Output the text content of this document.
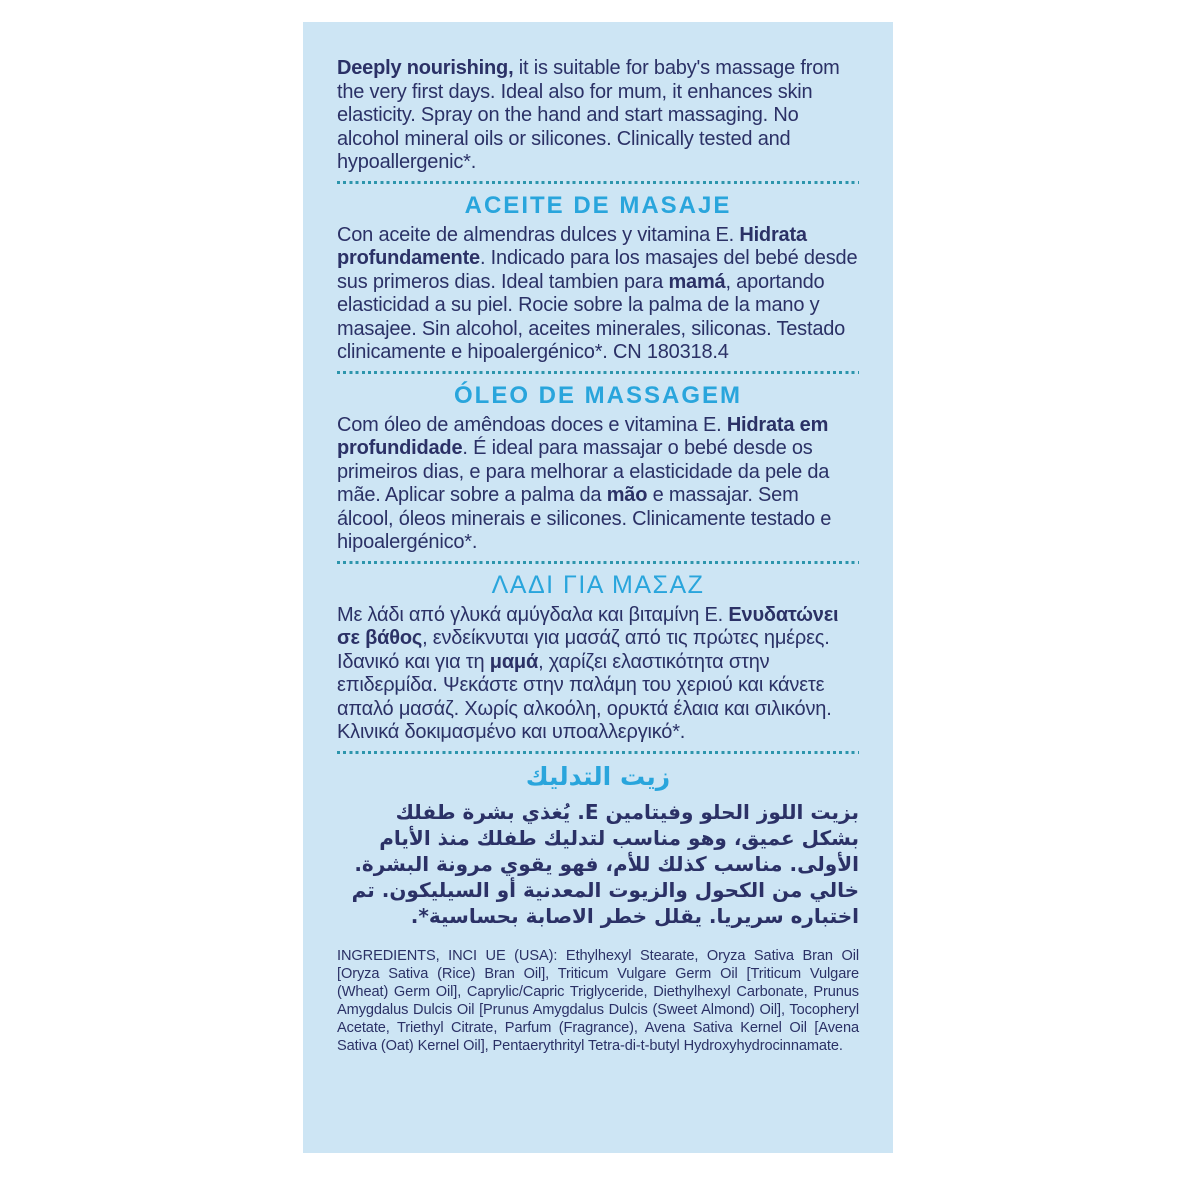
Deeply nourishing, it is suitable for baby's massage from the very first days. Ideal also for mum, it enhances skin elasticity. Spray on the hand and start massaging. No alcohol mineral oils or silicones. Clinically tested and hypoallergenic*.

ACEITE DE MASAJE

Con aceite de almendras dulces y vitamina E. Hidrata profundamente. Indicado para los masajes del bebé desde sus primeros dias. Ideal tambien para mamá, aportando elasticidad a su piel. Rocie sobre la palma de la mano y masajee. Sin alcohol, aceites minerales, siliconas. Testado clinicamente e hipoalergénico*. CN 180318.4

ÓLEO DE MASSAGEM

Com óleo de amêndoas doces e vitamina E. Hidrata em profundidade. É ideal para massajar o bebé desde os primeiros dias, e para melhorar a elasticidade da pele da mãe. Aplicar sobre a palma da mão e massajar. Sem álcool, óleos minerais e silicones. Clinicamente testado e hipoalergénico*.

ΛΑΔΙ ΓΙΑ ΜΑΣΑΖ

Με λάδι από γλυκά αμύγδαλα και βιταμίνη Ε. Ενυδατώνει σε βάθος, ενδείκνυται για μασάζ από τις πρώτες ημέρες. Ιδανικό και για τη μαμά, χαρίζει ελαστικότητα στην επιδερμίδα. Ψεκάστε στην παλάμη του χεριού και κάνετε απαλό μασάζ. Χωρίς αλκοόλη, ορυκτά έλαια και σιλικόνη. Κλινικά δοκιμασμένο και υποαλλεργικό*.

زيت التدليك

بزيت اللوز الحلو وفيتامين E. يُغذي بشرة طفلك بشكل عميق، وهو مناسب لتدليك طفلك منذ الأيام الأولى. مناسب كذلك للأم، فهو يقوي مرونة البشرة. خالي من الكحول والزيوت المعدنية أو السيليكون. تم اختباره سريريا. يقلل خطر الاصابة بحساسية*.

INGREDIENTS, INCI UE (USA): Ethylhexyl Stearate, Oryza Sativa Bran Oil [Oryza Sativa (Rice) Bran Oil], Triticum Vulgare Germ Oil [Triticum Vulgare (Wheat) Germ Oil], Caprylic/Capric Triglyceride, Diethylhexyl Carbonate, Prunus Amygdalus Dulcis Oil [Prunus Amygdalus Dulcis (Sweet Almond) Oil], Tocopheryl Acetate, Triethyl Citrate, Parfum (Fragrance), Avena Sativa Kernel Oil [Avena Sativa (Oat) Kernel Oil], Pentaerythrityl Tetra-di-t-butyl Hydroxyhydrocinnamate.
